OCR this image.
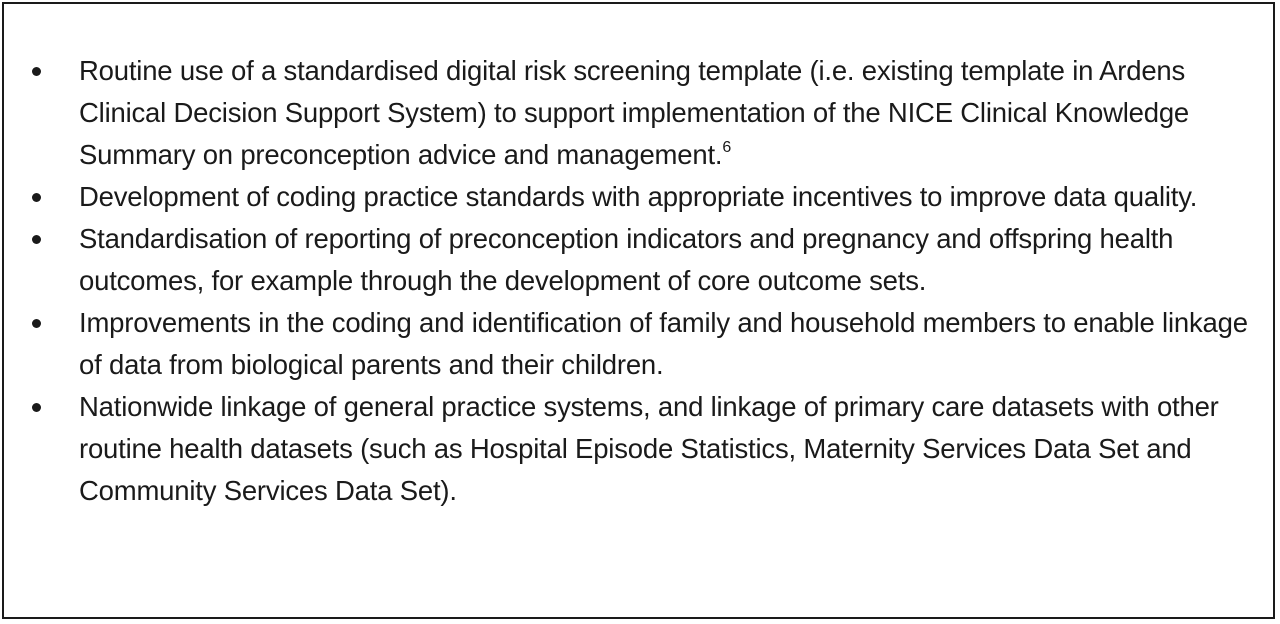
Routine use of a standardised digital risk screening template (i.e. existing template in Ardens Clinical Decision Support System) to support implementation of the NICE Clinical Knowledge Summary on preconception advice and management.$^6$
Development of coding practice standards with appropriate incentives to improve data quality.
Standardisation of reporting of preconception indicators and pregnancy and offspring health outcomes, for example through the development of core outcome sets.
Improvements in the coding and identification of family and household members to enable linkage of data from biological parents and their children.
Nationwide linkage of general practice systems, and linkage of primary care datasets with other routine health datasets (such as Hospital Episode Statistics, Maternity Services Data Set and Community Services Data Set).
